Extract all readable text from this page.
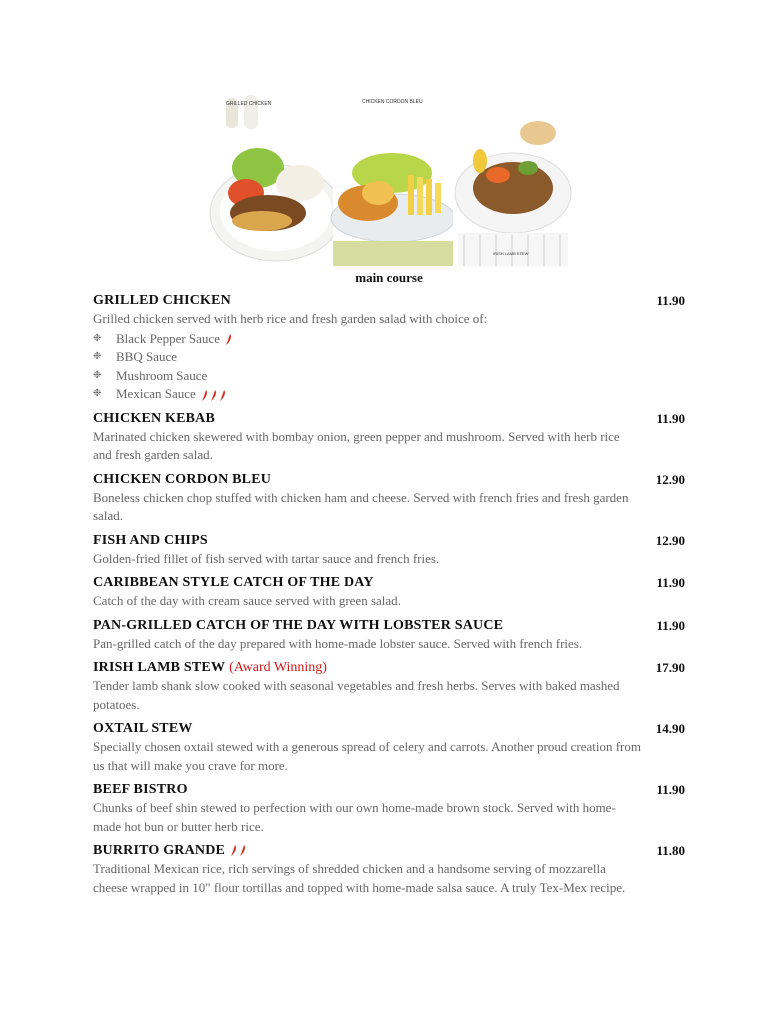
GRILLED CHICKEN	CHICKEN CORDON BLEU
IRISH LAMB STEW
main course
GRILLED CHICKEN	11.90
Grilled chicken served with herb rice and fresh garden salad with choice of:
❉ Black Pepper Sauce
❉ BBQ Sauce
❉ Mushroom Sauce
❉ Mexican Sauce
CHICKEN KEBAB	11.90
Marinated chicken skewered with bombay onion, green pepper and mushroom. Served with herb rice and fresh garden salad.
CHICKEN CORDON BLEU	12.90
Boneless chicken chop stuffed with chicken ham and cheese. Served with french fries and fresh garden salad.
FISH AND CHIPS	12.90
Golden-fried fillet of fish served with tartar sauce and french fries.
CARIBBEAN STYLE CATCH OF THE DAY	11.90
Catch of the day with cream sauce served with green salad.
PAN-GRILLED CATCH OF THE DAY WITH LOBSTER SAUCE	11.90
Pan-grilled catch of the day prepared with home-made lobster sauce. Served with french fries.
IRISH LAMB STEW (Award Winning)	17.90
Tender lamb shank slow cooked with seasonal vegetables and fresh herbs. Serves with baked mashed potatoes.
OXTAIL STEW	14.90
Specially chosen oxtail stewed with a generous spread of celery and carrots. Another proud creation from us that will make you crave for more.
BEEF BISTRO	11.90
Chunks of beef shin stewed to perfection with our own home-made brown stock. Served with home-made hot bun or butter herb rice.
BURRITO GRANDE	11.80
Traditional Mexican rice, rich servings of shredded chicken and a handsome serving of mozzarella cheese wrapped in 10" flour tortillas and topped with home-made salsa sauce. A truly Tex-Mex recipe.
